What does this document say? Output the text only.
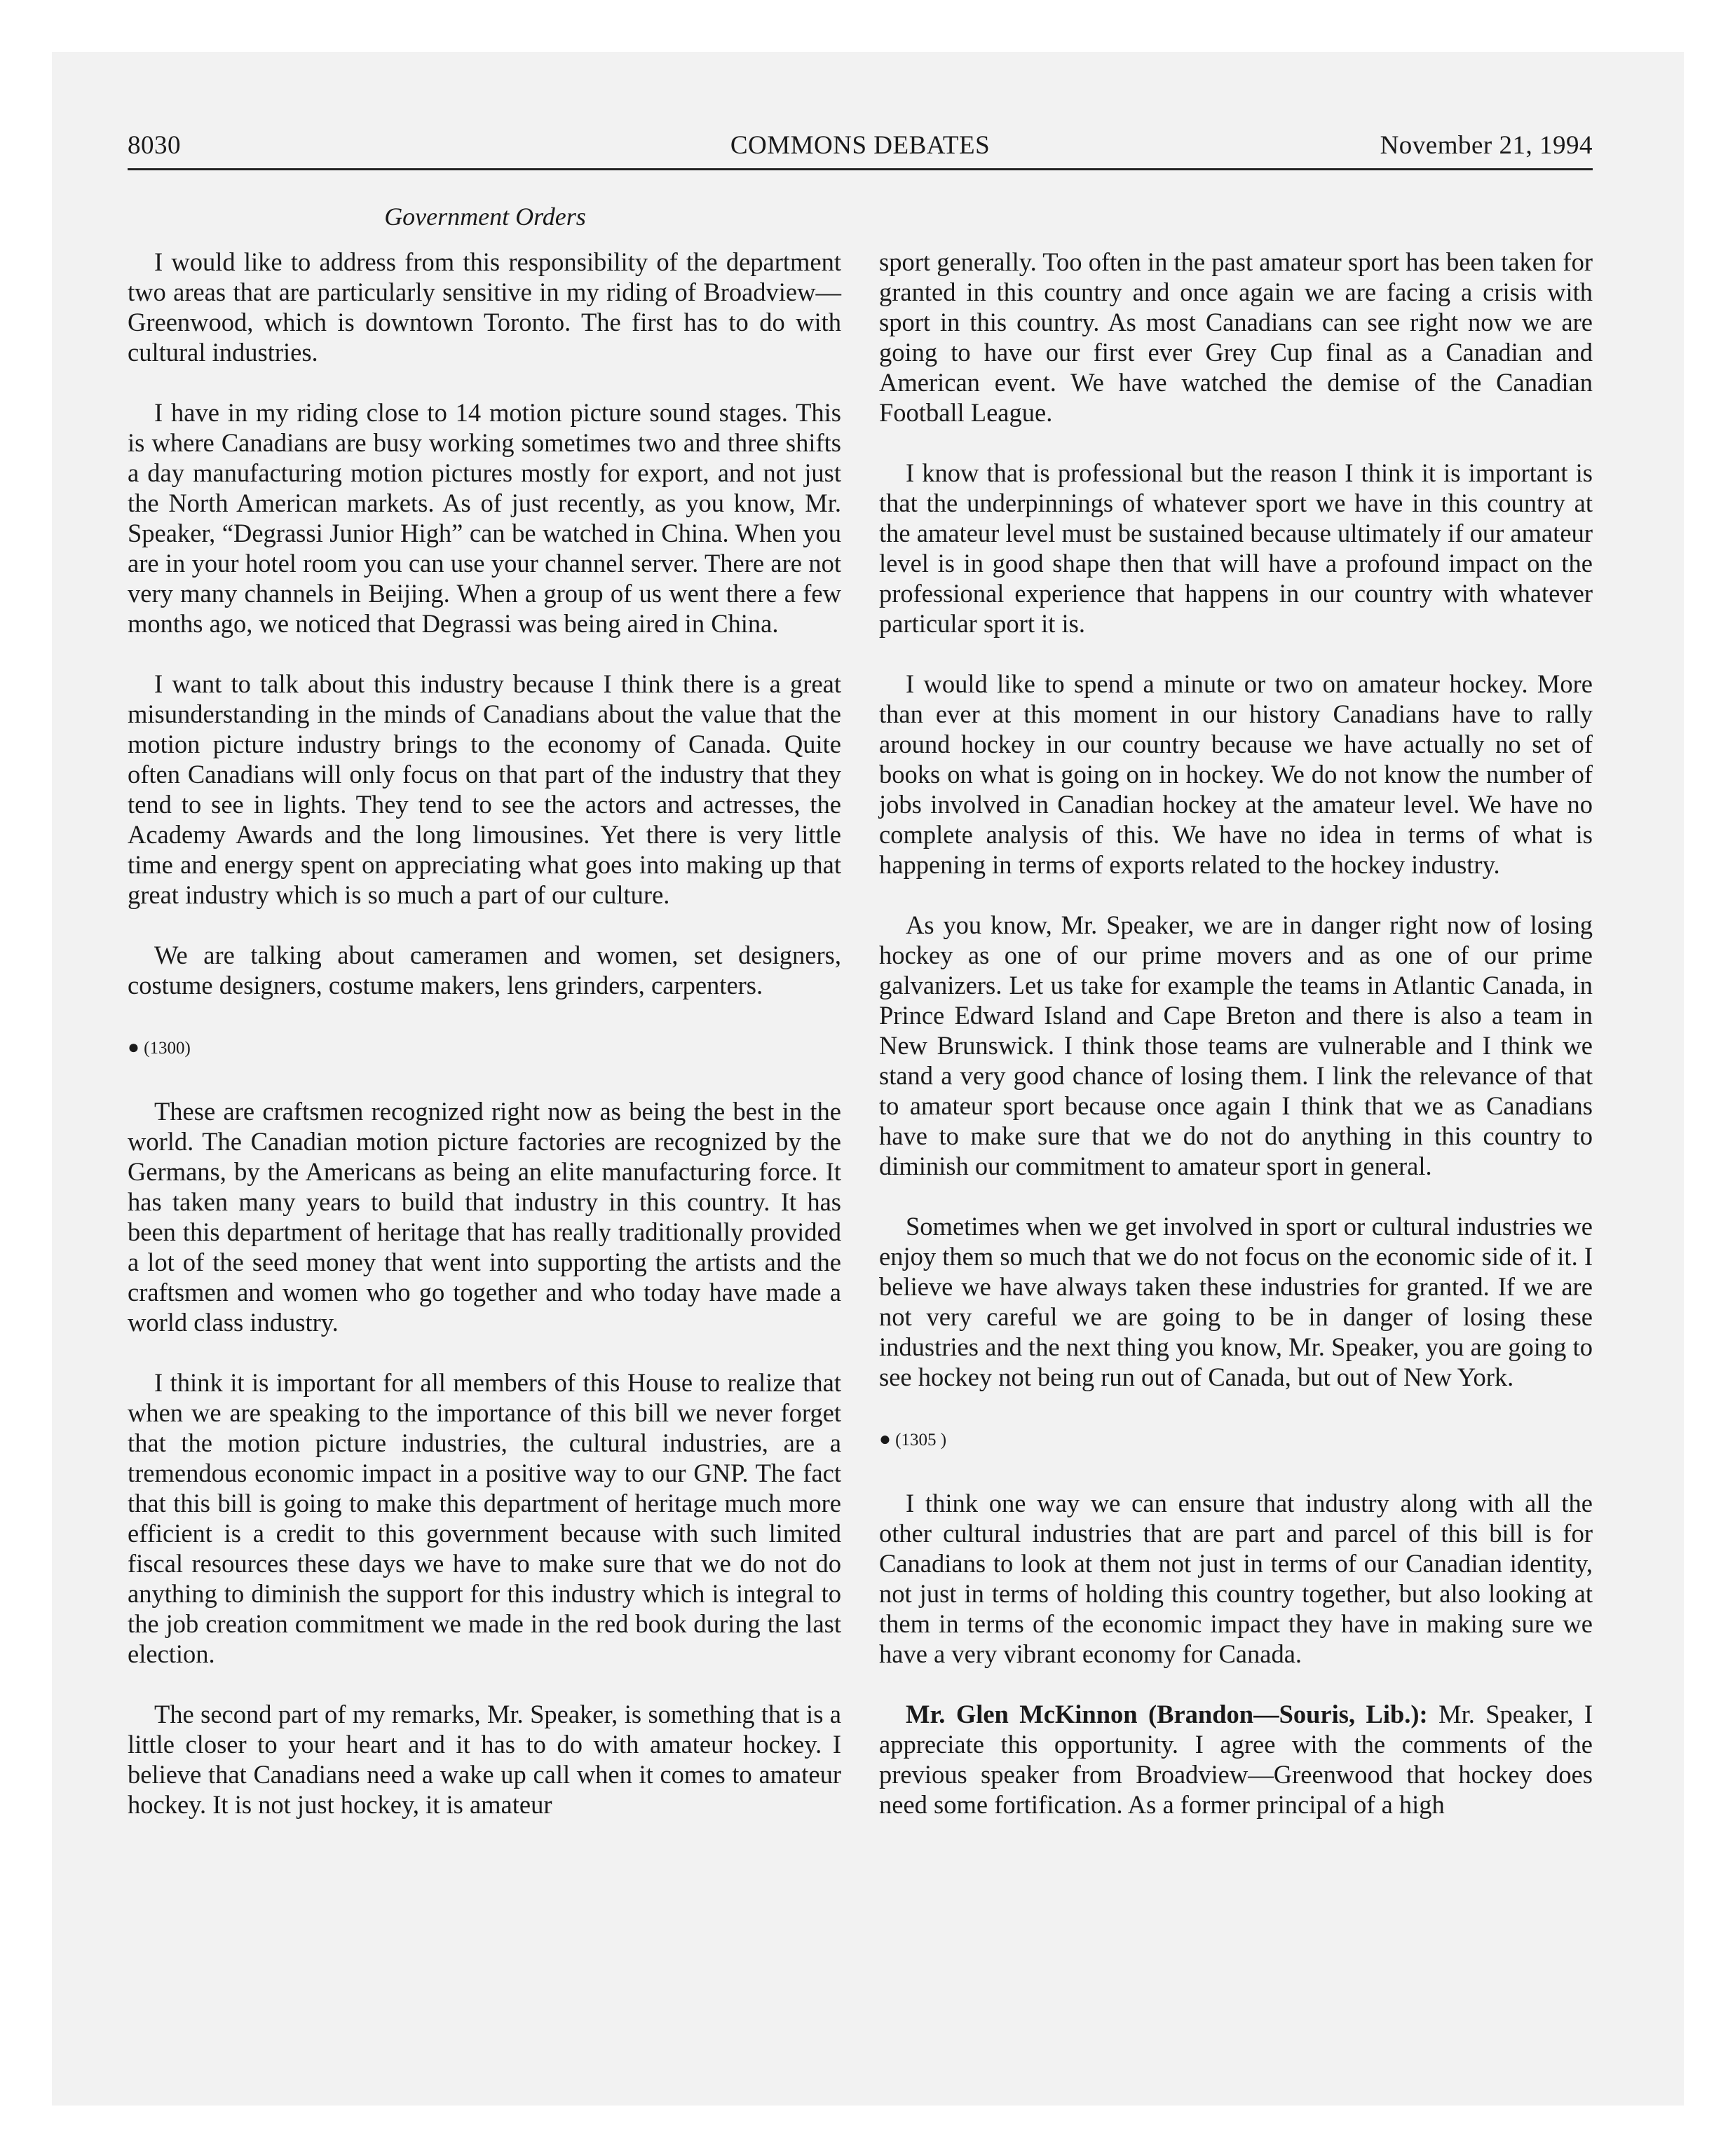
8030	COMMONS DEBATES	November 21, 1994
Government Orders

I would like to address from this responsibility of the department two areas that are particularly sensitive in my riding of Broadview—Greenwood, which is downtown Toronto. The first has to do with cultural industries.

I have in my riding close to 14 motion picture sound stages. This is where Canadians are busy working sometimes two and three shifts a day manufacturing motion pictures mostly for export, and not just the North American markets. As of just recently, as you know, Mr. Speaker, “Degrassi Junior High” can be watched in China. When you are in your hotel room you can use your channel server. There are not very many channels in Beijing. When a group of us went there a few months ago, we noticed that Degrassi was being aired in China.

I want to talk about this industry because I think there is a great misunderstanding in the minds of Canadians about the value that the motion picture industry brings to the economy of Canada. Quite often Canadians will only focus on that part of the industry that they tend to see in lights. They tend to see the actors and actresses, the Academy Awards and the long limousines. Yet there is very little time and energy spent on appreciating what goes into making up that great industry which is so much a part of our culture.

We are talking about cameramen and women, set designers, costume designers, costume makers, lens grinders, carpenters.

● (1300)

These are craftsmen recognized right now as being the best in the world. The Canadian motion picture factories are recognized by the Germans, by the Americans as being an elite manufacturing force. It has taken many years to build that industry in this country. It has been this department of heritage that has really traditionally provided a lot of the seed money that went into supporting the artists and the craftsmen and women who go together and who today have made a world class industry.

I think it is important for all members of this House to realize that when we are speaking to the importance of this bill we never forget that the motion picture industries, the cultural industries, are a tremendous economic impact in a positive way to our GNP. The fact that this bill is going to make this department of heritage much more efficient is a credit to this government because with such limited fiscal resources these days we have to make sure that we do not do anything to diminish the support for this industry which is integral to the job creation commitment we made in the red book during the last election.

The second part of my remarks, Mr. Speaker, is something that is a little closer to your heart and it has to do with amateur hockey. I believe that Canadians need a wake up call when it comes to amateur hockey. It is not just hockey, it is amateur

sport generally. Too often in the past amateur sport has been taken for granted in this country and once again we are facing a crisis with sport in this country. As most Canadians can see right now we are going to have our first ever Grey Cup final as a Canadian and American event. We have watched the demise of the Canadian Football League.

I know that is professional but the reason I think it is important is that the underpinnings of whatever sport we have in this country at the amateur level must be sustained because ultimately if our amateur level is in good shape then that will have a profound impact on the professional experience that happens in our country with whatever particular sport it is.

I would like to spend a minute or two on amateur hockey. More than ever at this moment in our history Canadians have to rally around hockey in our country because we have actually no set of books on what is going on in hockey. We do not know the number of jobs involved in Canadian hockey at the amateur level. We have no complete analysis of this. We have no idea in terms of what is happening in terms of exports related to the hockey industry.

As you know, Mr. Speaker, we are in danger right now of losing hockey as one of our prime movers and as one of our prime galvanizers. Let us take for example the teams in Atlantic Canada, in Prince Edward Island and Cape Breton and there is also a team in New Brunswick. I think those teams are vulnerable and I think we stand a very good chance of losing them. I link the relevance of that to amateur sport because once again I think that we as Canadians have to make sure that we do not do anything in this country to diminish our commitment to amateur sport in general.

Sometimes when we get involved in sport or cultural industries we enjoy them so much that we do not focus on the economic side of it. I believe we have always taken these industries for granted. If we are not very careful we are going to be in danger of losing these industries and the next thing you know, Mr. Speaker, you are going to see hockey not being run out of Canada, but out of New York.

● (1305 )

I think one way we can ensure that industry along with all the other cultural industries that are part and parcel of this bill is for Canadians to look at them not just in terms of our Canadian identity, not just in terms of holding this country together, but also looking at them in terms of the economic impact they have in making sure we have a very vibrant economy for Canada.

Mr. Glen McKinnon (Brandon—Souris, Lib.): Mr. Speaker, I appreciate this opportunity. I agree with the comments of the previous speaker from Broadview—Greenwood that hockey does need some fortification. As a former principal of a high
